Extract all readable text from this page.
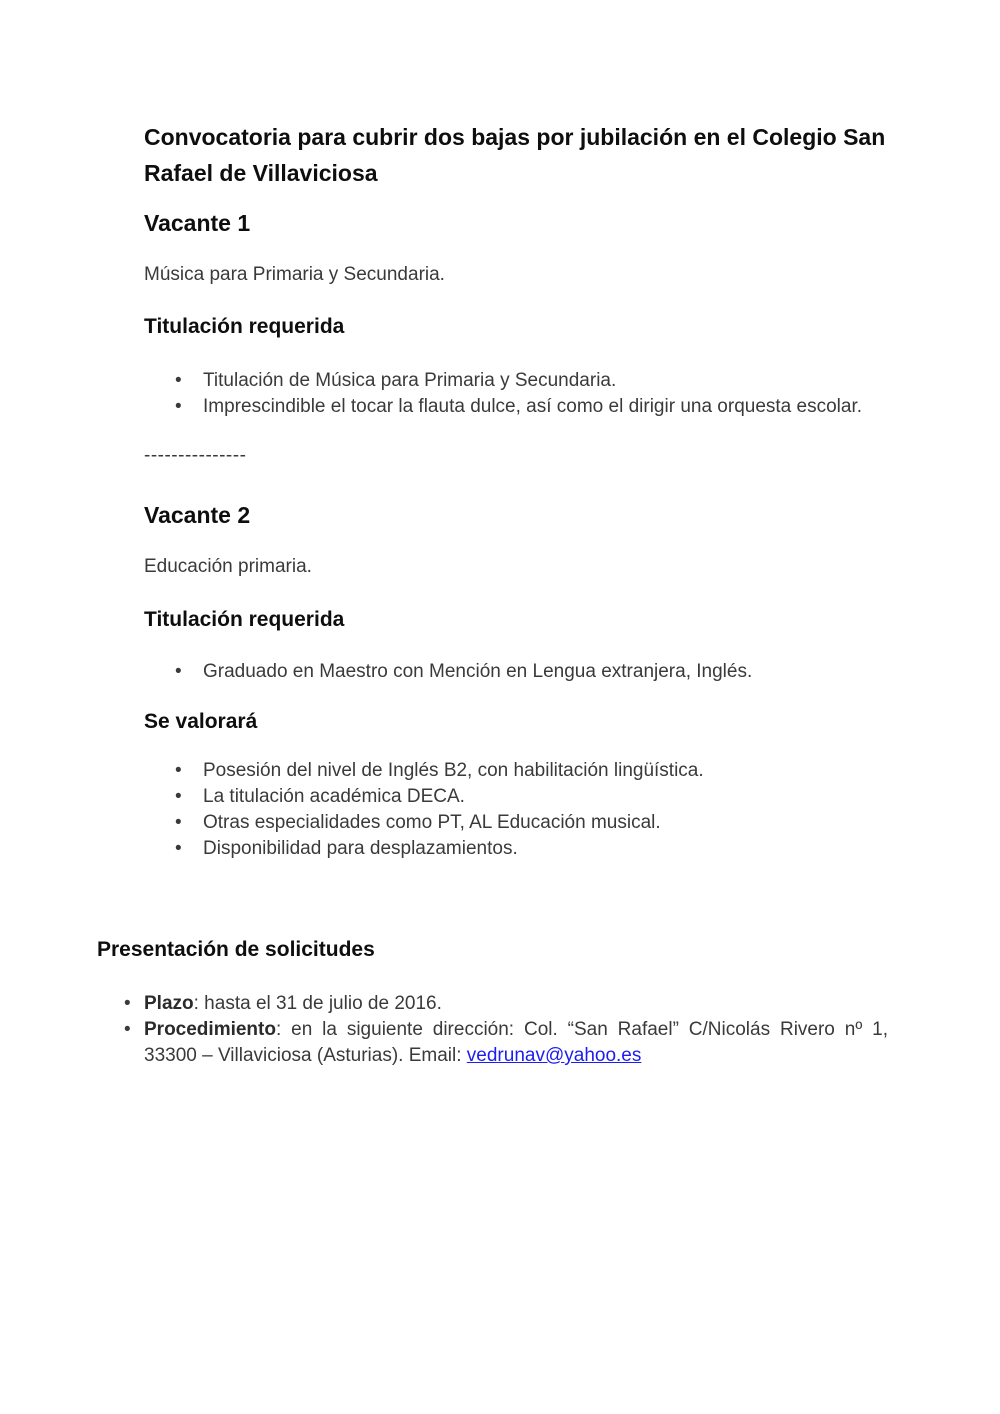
Convocatoria para cubrir dos bajas por jubilación en el Colegio San Rafael de Villaviciosa
Vacante 1

Música para Primaria y Secundaria.

Titulación requerida
• Titulación de Música para Primaria y Secundaria.
• Imprescindible el tocar la flauta dulce, así como el dirigir una orquesta escolar.

---------------

Vacante 2

Educación primaria.

Titulación requerida
• Graduado en Maestro con Mención en Lengua extranjera, Inglés.
Se valorará
• Posesión del nivel de Inglés B2, con habilitación lingüística.
• La titulación académica DECA.
• Otras especialidades como PT, AL Educación musical.
• Disponibilidad para desplazamientos.
Presentación de solicitudes
• Plazo: hasta el 31 de julio de 2016.
• Procedimiento: en la siguiente dirección: Col. “San Rafael” C/Nicolás Rivero nº 1,
33300 – Villaviciosa (Asturias). Email: vedrunav@yahoo.es
